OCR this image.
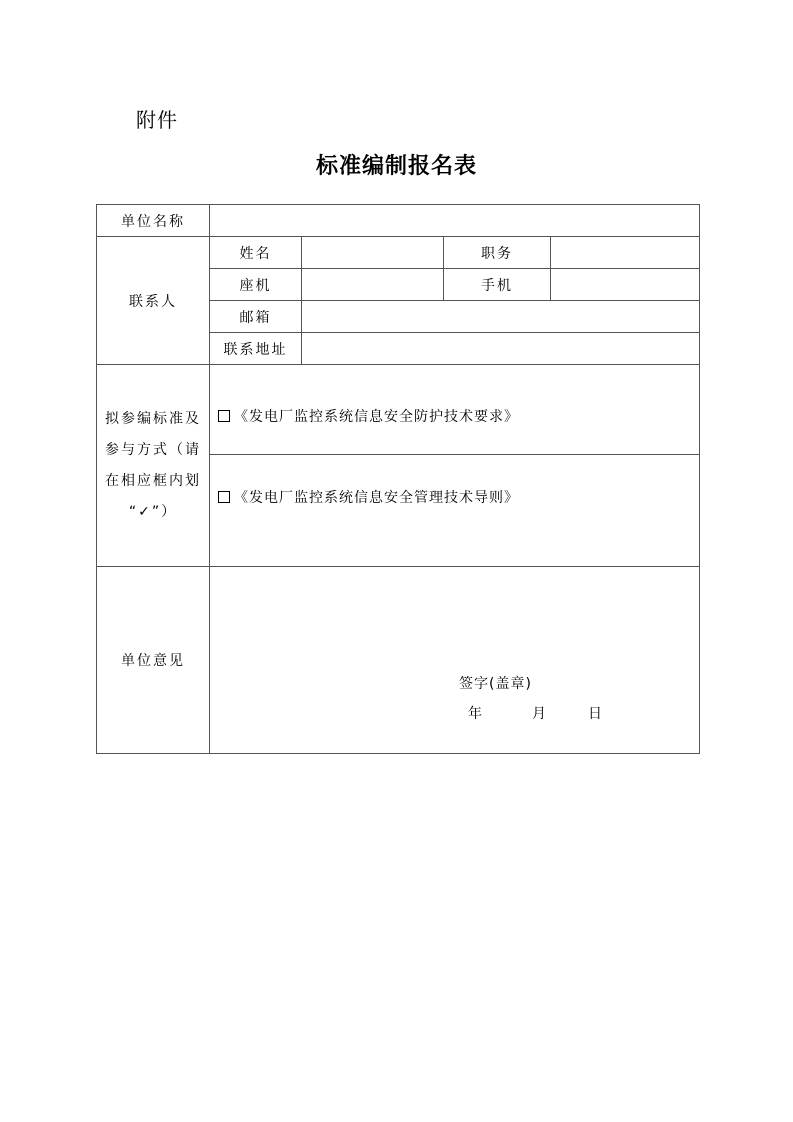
附件
标准编制报名表
单位名称				
联系人	姓名		职务	
	座机		手机	
	邮箱			
	联系地址			

拟参编标准及
参与方式（请
在相应框内划
“✓”）	《发电厂监控系统信息安全防护技术要求》			

	《发电厂监控系统信息安全管理技术导则》			

单位意见	签字(盖章)
年 月 日			
